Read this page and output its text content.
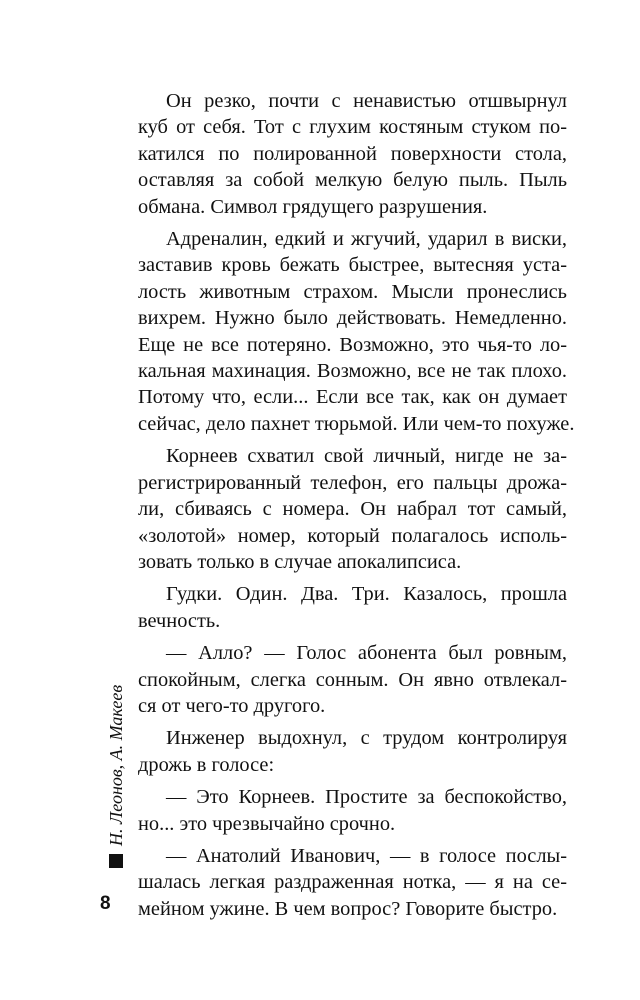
Он резко, почти с ненавистью отшвырнул
куб от себя. Тот с глухим костяным стуком по-
катился по полированной поверхности стола,
оставляя за собой мелкую белую пыль. Пыль
обмана. Символ грядущего разрушения.
Адреналин, едкий и жгучий, ударил в виски,
заставив кровь бежать быстрее, вытесняя уста-
лость животным страхом. Мысли пронеслись
вихрем. Нужно было действовать. Немедленно.
Еще не все потеряно. Возможно, это чья-то ло-
кальная махинация. Возможно, все не так плохо.
Потому что, если... Если все так, как он думает
сейчас, дело пахнет тюрьмой. Или чем-то похуже.
Корнеев схватил свой личный, нигде не за-
регистрированный телефон, его пальцы дрожа-
ли, сбиваясь с номера. Он набрал тот самый,
«золотой» номер, который полагалось исполь-
зовать только в случае апокалипсиса.
Гудки. Один. Два. Три. Казалось, прошла
вечность.
— Алло? — Голос абонента был ровным,
спокойным, слегка сонным. Он явно отвлекал-
ся от чего-то другого.
Инженер выдохнул, с трудом контролируя
дрожь в голосе:
— Это Корнеев. Простите за беспокойство,
но... это чрезвычайно срочно.
— Анатолий Иванович, — в голосе послы-
шалась легкая раздраженная нотка, — я на се-
мейном ужине. В чем вопрос? Говорите быстро.
Н. Леонов, А. Макеев
8
